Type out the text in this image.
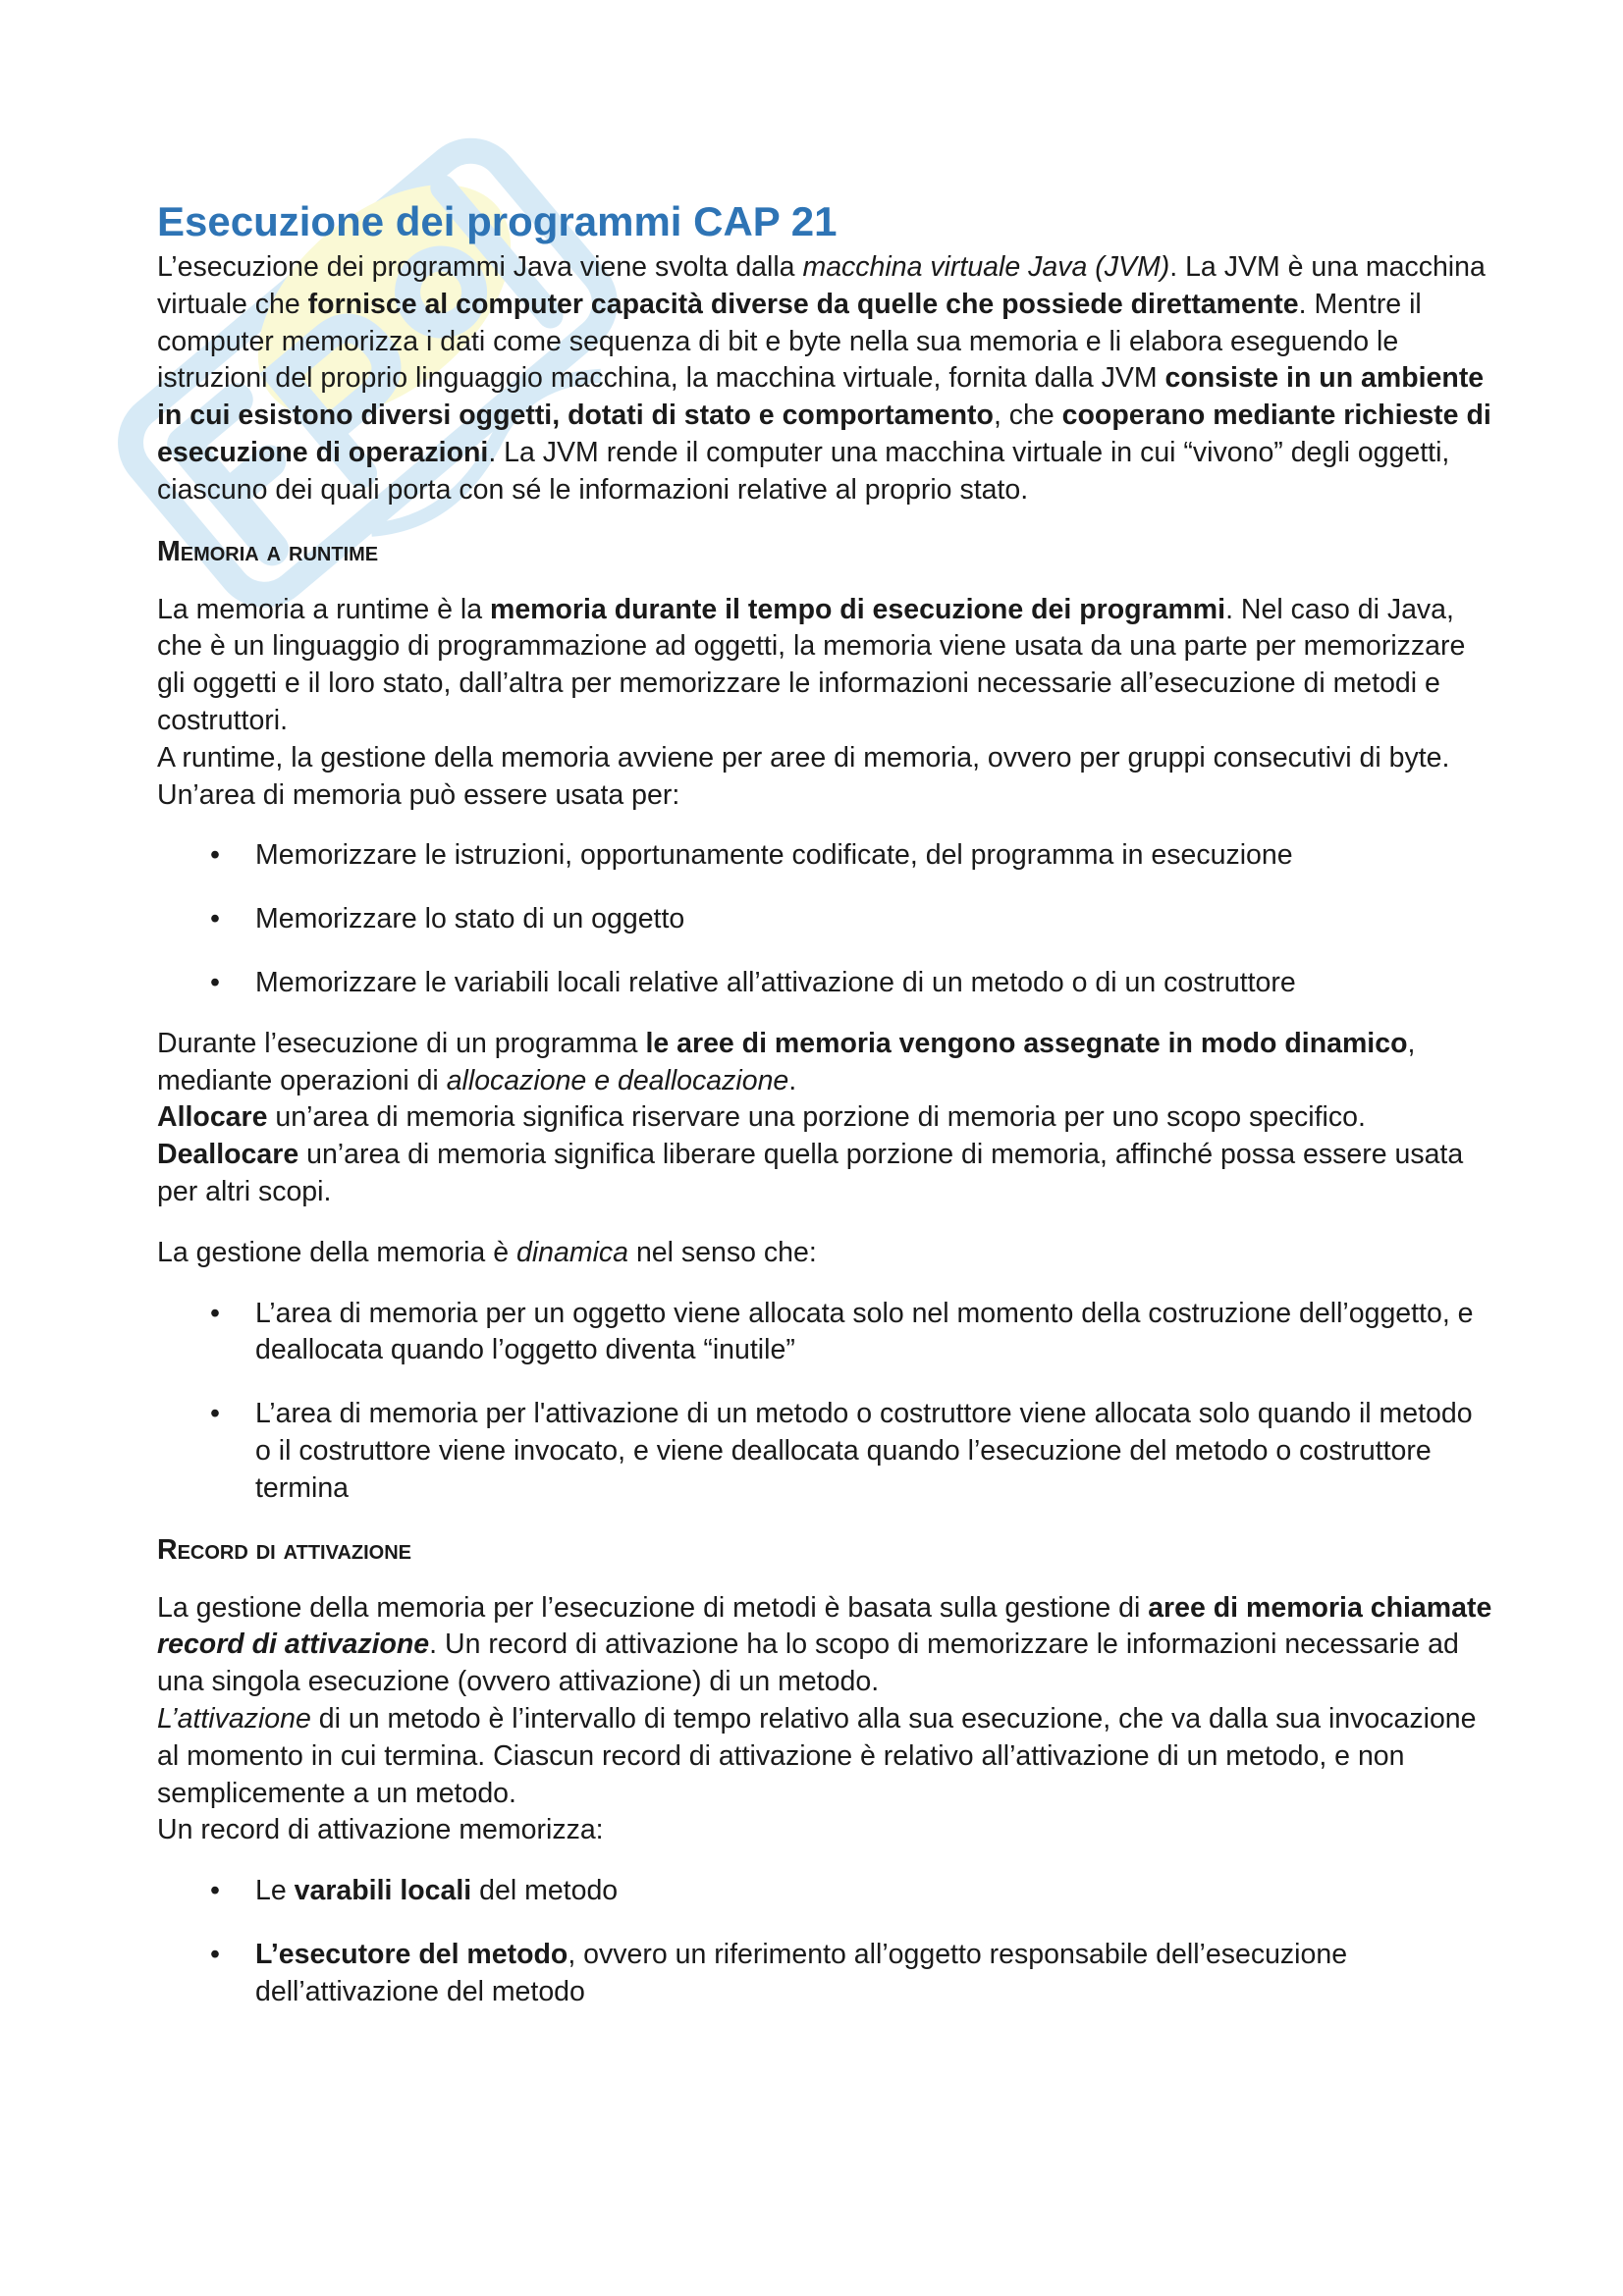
Esecuzione dei programmi CAP 21

L’esecuzione dei programmi Java viene svolta dalla macchina virtuale Java (JVM). La JVM è una macchina virtuale che fornisce al computer capacità diverse da quelle che possiede direttamente. Mentre il computer memorizza i dati come sequenza di bit e byte nella sua memoria e li elabora eseguendo le istruzioni del proprio linguaggio macchina, la macchina virtuale, fornita dalla JVM consiste in un ambiente in cui esistono diversi oggetti, dotati di stato e comportamento, che cooperano mediante richieste di esecuzione di operazioni. La JVM rende il computer una macchina virtuale in cui “vivono” degli oggetti, ciascuno dei quali porta con sé le informazioni relative al proprio stato.

Memoria a runtime

La memoria a runtime è la memoria durante il tempo di esecuzione dei programmi. Nel caso di Java, che è un linguaggio di programmazione ad oggetti, la memoria viene usata da una parte per memorizzare gli oggetti e il loro stato, dall’altra per memorizzare le informazioni necessarie all’esecuzione di metodi e costruttori.

A runtime, la gestione della memoria avviene per aree di memoria, ovvero per gruppi consecutivi di byte.

Un’area di memoria può essere usata per:

• Memorizzare le istruzioni, opportunamente codificate, del programma in esecuzione
• Memorizzare lo stato di un oggetto
• Memorizzare le variabili locali relative all’attivazione di un metodo o di un costruttore

Durante l’esecuzione di un programma le aree di memoria vengono assegnate in modo dinamico, mediante operazioni di allocazione e deallocazione.

Allocare un’area di memoria significa riservare una porzione di memoria per uno scopo specifico.

Deallocare un’area di memoria significa liberare quella porzione di memoria, affinché possa essere usata per altri scopi.

La gestione della memoria è dinamica nel senso che:

• L’area di memoria per un oggetto viene allocata solo nel momento della costruzione dell’oggetto, e deallocata quando l’oggetto diventa “inutile”
• L’area di memoria per l'attivazione di un metodo o costruttore viene allocata solo quando il metodo o il costruttore viene invocato, e viene deallocata quando l’esecuzione del metodo o costruttore termina
Record di attivazione

La gestione della memoria per l’esecuzione di metodi è basata sulla gestione di aree di memoria chiamate record di attivazione. Un record di attivazione ha lo scopo di memorizzare le informazioni necessarie ad una singola esecuzione (ovvero attivazione) di un metodo.

L’attivazione di un metodo è l’intervallo di tempo relativo alla sua esecuzione, che va dalla sua invocazione al momento in cui termina. Ciascun record di attivazione è relativo all’attivazione di un metodo, e non semplicemente a un metodo.

Un record di attivazione memorizza:

• Le varabili locali del metodo
• L’esecutore del metodo, ovvero un riferimento all’oggetto responsabile dell’esecuzione dell’attivazione del metodo
